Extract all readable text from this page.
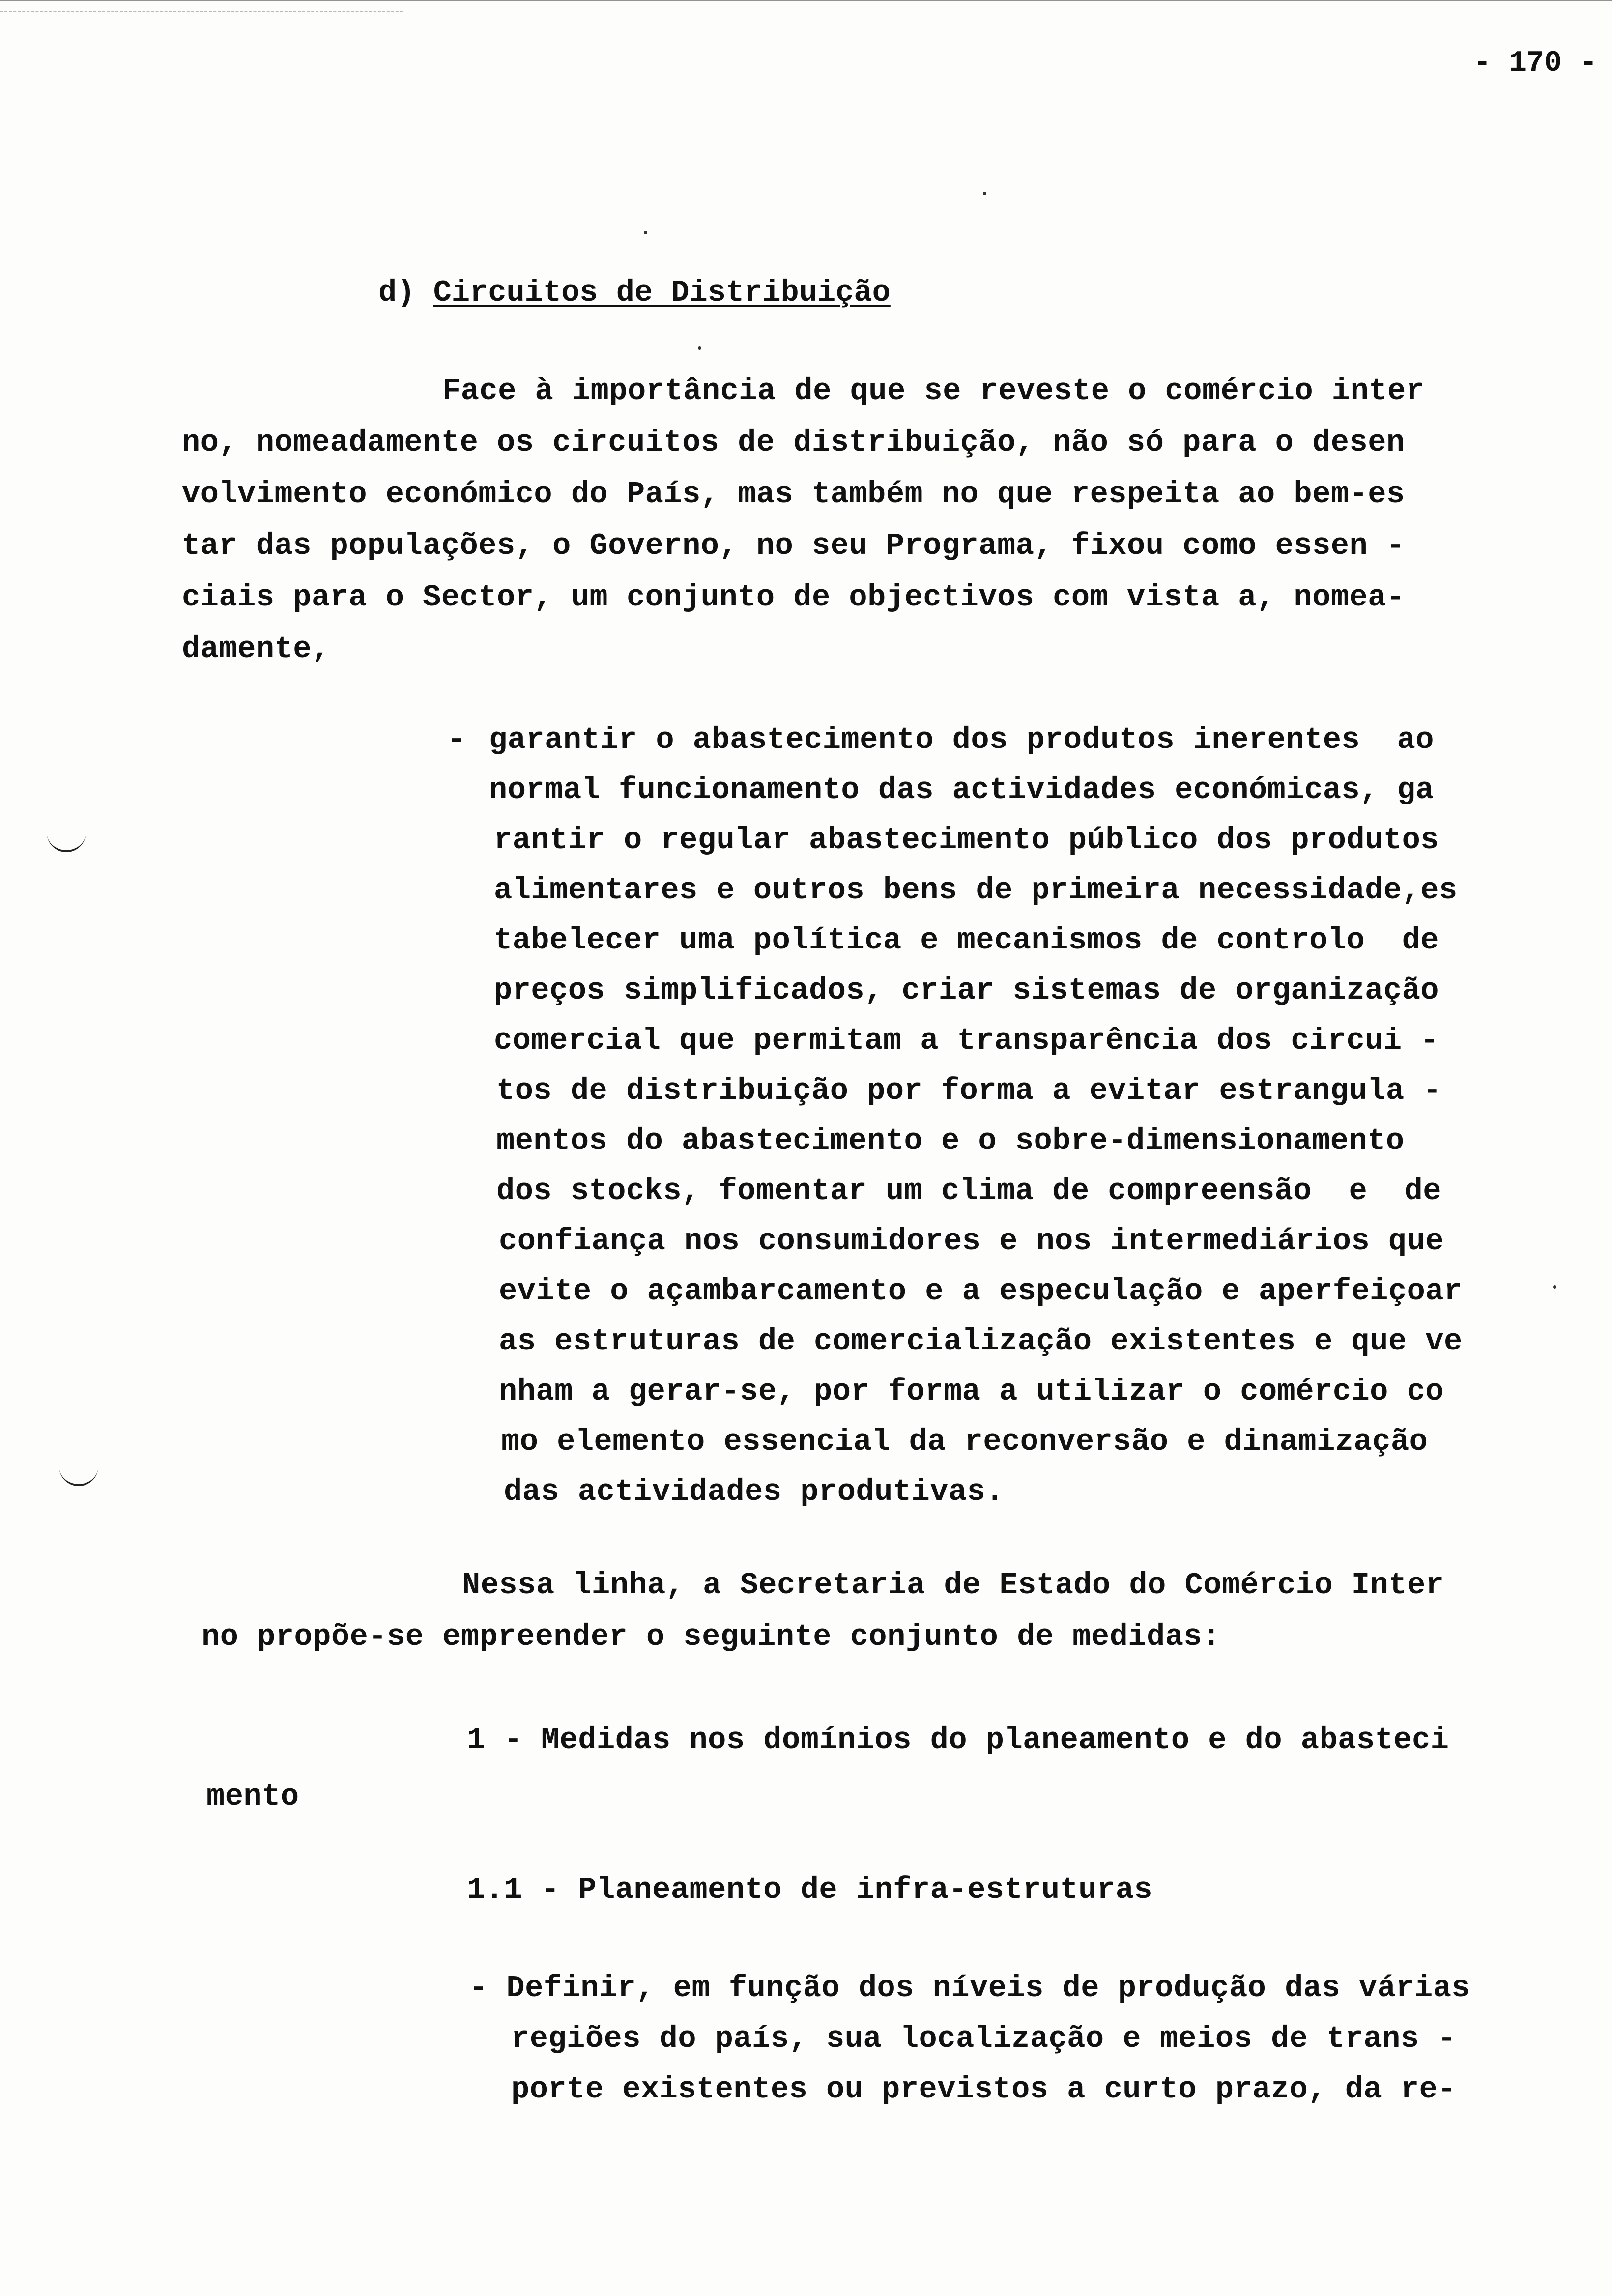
- 170 -
d) Circuitos de Distribuição
Face à importância de que se reveste o comércio inter
no, nomeadamente os circuitos de distribuição, não só para o desen
volvimento económico do País, mas também no que respeita ao bem-es
tar das populações, o Governo, no seu Programa, fixou como essen -
ciais para o Sector, um conjunto de objectivos com vista a, nomea-
damente,
- garantir o abastecimento dos produtos inerentes  ao
normal funcionamento das actividades económicas, ga
rantir o regular abastecimento público dos produtos
alimentares e outros bens de primeira necessidade,es
tabelecer uma política e mecanismos de controlo  de
preços simplificados, criar sistemas de organização
comercial que permitam a transparência dos circui -
tos de distribuição por forma a evitar estrangula -
mentos do abastecimento e o sobre-dimensionamento
dos stocks, fomentar um clima de compreensão  e  de
confiança nos consumidores e nos intermediários que
evite o açambarcamento e a especulação e aperfeiçoar
as estruturas de comercialização existentes e que ve
nham a gerar-se, por forma a utilizar o comércio co
mo elemento essencial da reconversão e dinamização
das actividades produtivas.
Nessa linha, a Secretaria de Estado do Comércio Inter
no propõe-se empreender o seguinte conjunto de medidas:
1 - Medidas nos domínios do planeamento e do abasteci
mento
1.1 - Planeamento de infra-estruturas
- Definir, em função dos níveis de produção das várias
regiões do país, sua localização e meios de trans -
porte existentes ou previstos a curto prazo, da re-
